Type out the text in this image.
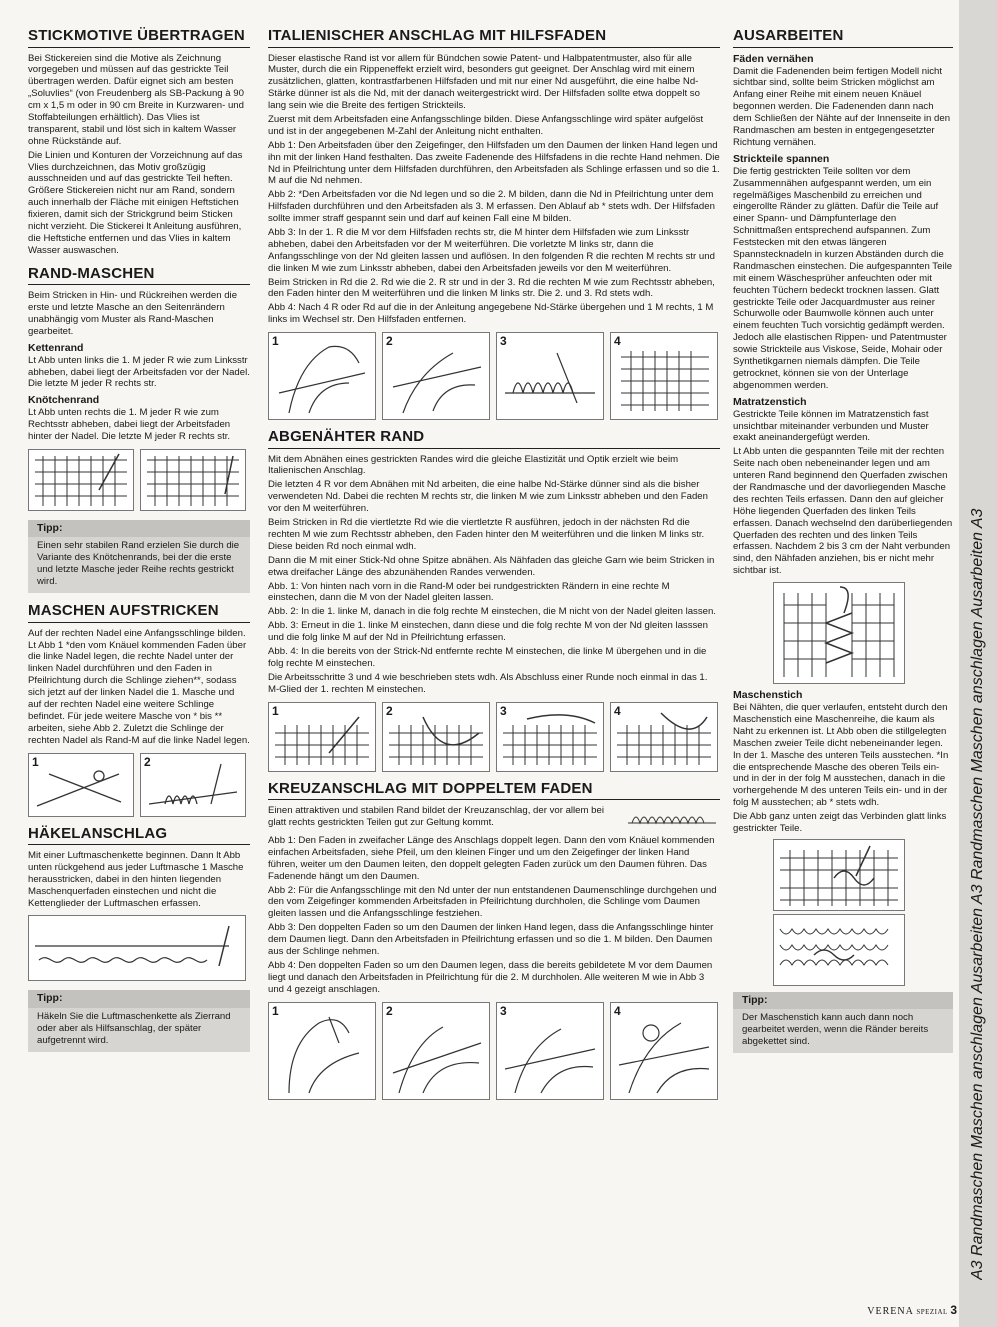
STICKMOTIVE ÜBERTRAGEN

Bei Stickereien sind die Motive als Zeichnung vorgegeben und müssen auf das gestrickte Teil übertragen werden. Dafür eignet sich am besten „Soluvlies“ (von Freudenberg als SB-Packung à 90 cm x 1,5 m oder in 90 cm Breite in Kurzwaren- und Stoffabteilungen erhältlich). Das Vlies ist transparent, stabil und löst sich in kaltem Wasser ohne Rückstände auf.

Die Linien und Konturen der Vorzeichnung auf das Vlies durchzeichnen, das Motiv großzügig ausschneiden und auf das gestrickte Teil heften. Größere Stickereien nicht nur am Rand, sondern auch innerhalb der Fläche mit einigen Heftstichen fixieren, damit sich der Strickgrund beim Sticken nicht verzieht. Die Stickerei lt Anleitung ausführen, die Heftstiche entfernen und das Vlies in kaltem Wasser auswaschen.

RAND-MASCHEN

Beim Stricken in Hin- und Rückreihen werden die erste und letzte Masche an den Seitenrändern unabhängig vom Muster als Rand-Maschen gearbeitet.

Kettenrand

Lt Abb unten links die 1. M jeder R wie zum Linksstr abheben, dabei liegt der Arbeitsfaden vor der Nadel. Die letzte M jeder R rechts str.

Knötchenrand

Lt Abb unten rechts die 1. M jeder R wie zum Rechtsstr abheben, dabei liegt der Arbeitsfaden hinter der Nadel. Die letzte M jeder R rechts str.

Tipp:
Einen sehr stabilen Rand erzielen Sie durch die Variante des Knötchenrands, bei der die erste und letzte Masche jeder Reihe rechts gestrickt wird.
MASCHEN AUFSTRICKEN

Auf der rechten Nadel eine Anfangsschlinge bilden. Lt Abb 1 *den vom Knäuel kommenden Faden über die linke Nadel legen, die rechte Nadel unter der linken Nadel durchführen und den Faden in Pfeilrichtung durch die Schlinge ziehen**, sodass sich jetzt auf der linken Nadel die 1. Masche und auf der rechten Nadel eine weitere Schlinge befindet. Für jede weitere Masche von * bis ** arbeiten, siehe Abb 2. Zuletzt die Schlinge der rechten Nadel als Rand-M auf die linke Nadel legen.

1	2
HÄKELANSCHLAG

Mit einer Luftmaschenkette beginnen. Dann lt Abb unten rückgehend aus jeder Luftmasche 1 Masche herausstricken, dabei in den hinten liegenden Maschenquerfaden einstechen und nicht die Kettenglieder der Luftmaschen erfassen.

Tipp:
Häkeln Sie die Luftmaschenkette als Zierrand oder aber als Hilfsanschlag, der später aufgetrennt wird.
ITALIENISCHER ANSCHLAG MIT HILFSFADEN

Dieser elastische Rand ist vor allem für Bündchen sowie Patent- und Halbpatentmuster, also für alle Muster, durch die ein Rippeneffekt erzielt wird, besonders gut geeignet. Der Anschlag wird mit einem zusätzlichen, glatten, kontrastfarbenen Hilfsfaden und mit nur einer Nd ausgeführt, die eine halbe Nd-Stärke dünner ist als die Nd, mit der danach weitergestrickt wird. Der Hilfsfaden sollte etwa doppelt so lang sein wie die Breite des fertigen Strickteils.

Zuerst mit dem Arbeitsfaden eine Anfangsschlinge bilden. Diese Anfangsschlinge wird später aufgelöst und ist in der angegebenen M-Zahl der Anleitung nicht enthalten.

Abb 1: Den Arbeitsfaden über den Zeigefinger, den Hilfsfaden um den Daumen der linken Hand legen und ihn mit der linken Hand festhalten. Das zweite Fadenende des Hilfsfadens in die rechte Hand nehmen. Die Nd in Pfeilrichtung unter dem Hilfsfaden durchführen, den Arbeitsfaden als Schlinge erfassen und so die 1. M auf die Nd nehmen.

Abb 2: *Den Arbeitsfaden vor die Nd legen und so die 2. M bilden, dann die Nd in Pfeilrichtung unter dem Hilfsfaden durchführen und den Arbeitsfaden als 3. M erfassen. Den Ablauf ab * stets wdh. Der Hilfsfaden sollte immer straff gespannt sein und darf auf keinen Fall eine M bilden.

Abb 3: In der 1. R die M vor dem Hilfsfaden rechts str, die M hinter dem Hilfsfaden wie zum Linksstr abheben, dabei den Arbeitsfaden vor der M weiterführen. Die vorletzte M links str, dann die Anfangsschlinge von der Nd gleiten lassen und auflösen. In den folgenden R die rechten M rechts str und die linken M wie zum Linksstr abheben, dabei den Arbeitsfaden jeweils vor den M weiterführen.

Beim Stricken in Rd die 2. Rd wie die 2. R str und in der 3. Rd die rechten M wie zum Rechtsstr abheben, den Faden hinter den M weiterführen und die linken M links str. Die 2. und 3. Rd stets wdh.

Abb 4: Nach 4 R oder Rd auf die in der Anleitung angegebene Nd-Stärke übergehen und 1 M rechts, 1 M links im Wechsel str. Den Hilfsfaden entfernen.

1	2	3	4
ABGENÄHTER RAND

Mit dem Abnähen eines gestrickten Randes wird die gleiche Elastizität und Optik erzielt wie beim Italienischen Anschlag.

Die letzten 4 R vor dem Abnähen mit Nd arbeiten, die eine halbe Nd-Stärke dünner sind als die bisher verwendeten Nd. Dabei die rechten M rechts str, die linken M wie zum Linksstr abheben und den Faden vor den M weiterführen.

Beim Stricken in Rd die viertletzte Rd wie die viertletzte R ausführen, jedoch in der nächsten Rd die rechten M wie zum Rechtsstr abheben, den Faden hinter den M weiterführen und die linken M links str. Diese beiden Rd noch einmal wdh.

Dann die M mit einer Stick-Nd ohne Spitze abnähen. Als Nähfaden das gleiche Garn wie beim Stricken in etwa dreifacher Länge des abzunähenden Randes verwenden.

Abb. 1: Von hinten nach vorn in die Rand-M oder bei rundgestrickten Rändern in eine rechte M einstechen, dann die M von der Nadel gleiten lassen.

Abb. 2: In die 1. linke M, danach in die folg rechte M einstechen, die M nicht von der Nadel gleiten lassen.

Abb. 3: Erneut in die 1. linke M einstechen, dann diese und die folg rechte M von der Nd gleiten lasssen und die folg linke M auf der Nd in Pfeilrichtung erfassen.

Abb. 4: In die bereits von der Strick-Nd entfernte rechte M einstechen, die linke M übergehen und in die folg rechte M einstechen.

Die Arbeitsschritte 3 und 4 wie beschrieben stets wdh. Als Abschluss einer Runde noch einmal in das 1. M-Glied der 1. rechten M einstechen.

1	2	3	4
KREUZANSCHLAG MIT DOPPELTEM FADEN

Einen attraktiven und stabilen Rand bildet der Kreuzanschlag, der vor allem bei glatt rechts gestrickten Teilen gut zur Geltung kommt.

Abb 1: Den Faden in zweifacher Länge des Anschlags doppelt legen. Dann den vom Knäuel kommenden einfachen Arbeitsfaden, siehe Pfeil, um den kleinen Finger und um den Zeigefinger der linken Hand führen, weiter um den Daumen leiten, den doppelt gelegten Faden zurück um den Daumen führen. Das Fadenende hängt um den Daumen.

Abb 2: Für die Anfangsschlinge mit den Nd unter der nun entstandenen Daumenschlinge durchgehen und den vom Zeigefinger kommenden Arbeitsfaden in Pfeilrichtung durchholen, die Schlinge vom Daumen gleiten lassen und die Anfangsschlinge festziehen.

Abb 3: Den doppelten Faden so um den Daumen der linken Hand legen, dass die Anfangsschlinge hinter dem Daumen liegt. Dann den Arbeitsfaden in Pfeilrichtung erfassen und so die 1. M bilden. Den Daumen aus der Schlinge nehmen.

Abb 4: Den doppelten Faden so um den Daumen legen, dass die bereits gebildetete M vor dem Daumen liegt und danach den Arbeitsfaden in Pfeilrichtung für die 2. M durchholen. Alle weiteren M wie in Abb 3 und 4 gezeigt anschlagen.

1	2	3	4
AUSARBEITEN
Fäden vernähen

Damit die Fadenenden beim fertigen Modell nicht sichtbar sind, sollte beim Stricken möglichst am Anfang einer Reihe mit einem neuen Knäuel begonnen werden. Die Fadenenden dann nach dem Schließen der Nähte auf der Innenseite in den Randmaschen am besten in entgegengesetzter Richtung vernähen.

Strickteile spannen

Die fertig gestrickten Teile sollten vor dem Zusammennähen aufgespannt werden, um ein regelmäßiges Maschenbild zu erreichen und eingerollte Ränder zu glätten. Dafür die Teile auf einer Spann- und Dämpfunterlage den Schnittmaßen entsprechend aufspannen. Zum Feststecken mit den etwas längeren Spannstecknadeln in kurzen Abständen durch die Randmaschen einstechen. Die aufgespannten Teile mit einem Wäschesprüher anfeuchten oder mit feuchten Tüchern bedeckt trocknen lassen. Glatt gestrickte Teile oder Jacquardmuster aus reiner Schurwolle oder Baumwolle können auch unter einem feuchten Tuch vorsichtig gedämpft werden. Jedoch alle elastischen Rippen- und Patentmuster sowie Strickteile aus Viskose, Seide, Mohair oder Synthetikgarnen niemals dämpfen. Die Teile getrocknet, können sie von der Unterlage abgenommen werden.

Matratzenstich

Gestrickte Teile können im Matratzenstich fast unsichtbar miteinander verbunden und Muster exakt aneinandergefügt werden.

Lt Abb unten die gespannten Teile mit der rechten Seite nach oben nebeneinander legen und am unteren Rand beginnend den Querfaden zwischen der Randmasche und der davorliegenden Masche des rechten Teils erfassen. Dann den auf gleicher Höhe liegenden Querfaden des linken Teils erfassen. Danach wechselnd den darüberliegenden Querfaden des rechten und des linken Teils erfassen. Nachdem 2 bis 3 cm der Naht verbunden sind, den Nähfaden anziehen, bis er nicht mehr sichtbar ist.

Maschenstich

Bei Nähten, die quer verlaufen, entsteht durch den Maschenstich eine Maschenreihe, die kaum als Naht zu erkennen ist. Lt Abb oben die stillgelegten Maschen zweier Teile dicht nebeneinander legen. In der 1. Masche des unteren Teils ausstechen. *In die entsprechende Masche des oberen Teils ein- und in der in der folg M ausstechen, danach in die vorhergehende M des unteren Teils ein- und in der folg M ausstechen; ab * stets wdh.

Die Abb ganz unten zeigt das Verbinden glatt links gestrickter Teile.

Tipp:
Der Maschenstich kann auch dann noch gearbeitet werden, wenn die Ränder bereits abgekettet sind.	A3 Randmaschen Maschen anschlagen Ausarbeiten A3 Randmaschen Maschen anschlagen Ausarbeiten A3
VERENA SPEZIAL 3
